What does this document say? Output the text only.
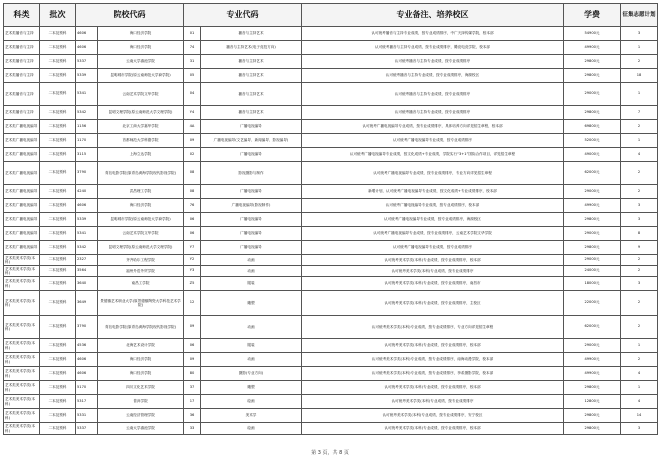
科类	批次	院校代码		专业代码		专业备注、培养校区	学费	征集志愿计划
艺术类播音与主持	二本及预科	4606	海口经济学院	01	播音与主持艺术	认可统考播音与主持专业成绩，按专业成绩排序，中广天择传媒学院，校本部	54900元	3
艺术类播音与主持	二本及预科	4606	海口经济学院	74	播音与主持艺术(电子竞技方向)	认可统考播音与主持专业成绩，按专业成绩排序，腾竞电竞学院，校本部	49900元	1
艺术类播音与主持	二本及预科	5337	云南大学滇池学院	31	播音与主持艺术	认可统考播音与主持专业成绩，按专业成绩排序	29800元	2
艺术类播音与主持	二本及预科	5339	昆明城市学院(原云南师范大学商学院)	05	播音与主持艺术	认可统考播音与主持专业成绩，按专业成绩排序，海源校区	29800元	18
艺术类播音与主持	二本及预科	5341	云南艺术学院文华学院	04	播音与主持艺术	认可统考播音与主持专业成绩，按专业成绩排序	29000元	1
艺术类播音与主持	二本及预科	5342	昆明文理学院(原云南师范大学文理学院)	Y4	播音与主持艺术	认可统考播音与主持专业成绩，按专业成绩排序	29800元	7
艺术类广播电视编导	二本及预科	1156	北京工商大学嘉华学院	4A	广播电视编导	认可统考广播电视编导专业成绩，按专业成绩排序，具体培养方向详见招生章程，校本部	69800元	2
艺术类广播电视编导	二本及预科	1170	首都师范大学科德学院	09	广播电视编导(文艺编导、新闻编导、影视编导)	认可统考广播电视编导专业成绩，按专业成绩排序	52000元	1
艺术类广播电视编导	二本及预科	3115	上海立达学院	02	广播电视编导	认可统考广播电视编导专业成绩，按文化成绩+专业成绩，学院实行“3+1”国际合作项目，详见招生章程	49000元	4
艺术类广播电视编导	二本及预科	3790	青岛电影学院(原青岛黄海学院现代影视学院)	08	影视摄影与制作	认可统考广播电视编导专业成绩，按专业成绩排序，专业方向详见招生章程	62000元	2
艺术类广播电视编导	二本及预科	4240	武昌理工学院	08	广播电视编导	新增计划，认可统考广播电视编导专业成绩，按文化成绩+专业成绩排序，校本部	29000元	2
艺术类广播电视编导	二本及预科	4606	海口经济学院	76	广播电视编导(影视制作)	认可统考广播电视编导专业成绩，按专业成绩排序，校本部	49900元	3
艺术类广播电视编导	二本及预科	5339	昆明城市学院(原云南师范大学商学院)	06	广播电视编导	认可统考广播电视编导专业成绩，按专业成绩排序，海源校区	29800元	3
艺术类广播电视编导	二本及预科	5341	云南艺术学院文华学院	06	广播电视编导	认可统考广播电视编导专业成绩，按专业成绩排序，云南艺术学院文华学院	29000元	8
艺术类广播电视编导	二本及预科	5342	昆明文理学院(原云南师范大学文理学院)	Y7	广播电视编导	认可统考广播电视编导专业成绩，按专业成绩排序	29800元	9
艺术类美术学类(本科)	二本及预科	2327	齐齐哈尔工程学院	Y2	动画	认可统考美术学类(本科)专业成绩，按专业成绩排序，校本部	29000元	2
艺术类美术学类(本科)	二本及预科	3564	福州外语外贸学院	Y3	动画	认可统考美术学类(本科)专业成绩，按专业成绩排序	24000元	2
艺术类美术学类(本科)	二本及预科	3640	南昌工学院	Z5	服装	认可统考美术学类(本科)专业成绩，按专业成绩排序，南昌市	18000元	3
艺术类美术学类(本科)	二本及预科	3649	景德镇艺术职业大学(原景德镇陶瓷大学科技艺术学院)	12	雕塑	认可统考美术学类(本科)专业成绩，按专业成绩排序，主校区	22000元	2
艺术类美术学类(本科)	二本及预科	3790	青岛电影学院(原青岛黄海学院现代影视学院)	09	动画	认可统考美术学类(本科)专业成绩，按专业成绩排序，专业方向详见招生章程	62000元	2
艺术类美术学类(本科)	二本及预科	4536	北海艺术设计学院	06	服装	认可统考美术学类(本科)专业成绩，按专业成绩排序，校本部	29000元	1
艺术类美术学类(本科)	二本及预科	4606	海口经济学院	09	动画	认可统考美术学类(本科)专业成绩，按专业成绩排序，南海动漫学院，校本部	49900元	2
艺术类美术学类(本科)	二本及预科	4606	海口经济学院	80	摄影(专业方向)	认可统考美术学类(本科)专业成绩，按专业成绩排序，李希摄影学院，校本部	49900元	4
艺术类美术学类(本科)	二本及预科	5170	四川文化艺术学院	37	雕塑	认可统考美术学类(本科)专业成绩，按专业成绩排序，校本部	29800元	1
艺术类美术学类(本科)	二本及预科	5317	普洱学院	17	绘画	认可统考美术学类(本科)专业成绩，按专业成绩排序	12800元	4
艺术类美术学类(本科)	二本及预科	5331	云南经济管理学院	36	美术学	认可统考美术学类(本科)专业成绩，按专业成绩排序，安宁校区	29800元	14
艺术类美术学类(本科)	二本及预科	5337	云南大学滇池学院	33	绘画	认可统考美术学类(本科)专业成绩，按专业成绩排序，校本部	29800元	3
第 3 页，共 8 页
